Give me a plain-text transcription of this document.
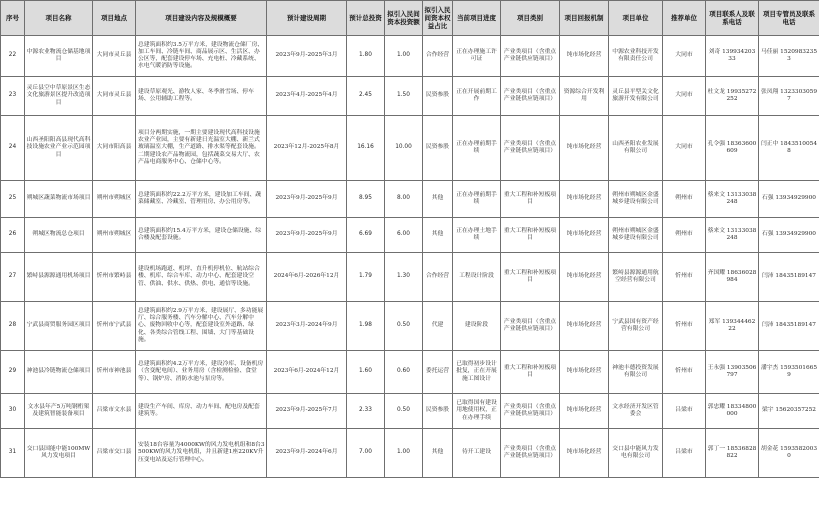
序号	项目名称	项目地点	项目建设内容及规模概要	预计建设周期	预计总投资	拟引入民间资本投资额	拟引入民间资本权益占比	当前项目进度	项目类别	项目回报机制	项目单位	推荐单位	项目联系人及联系电话	项目专管员及联系电话
22	中源农业物流仓储基地项目	大同市灵丘县	总建筑面积约3.5万平方米，建设物流仓储厂房、加工车间、冷链车间、商品展示区、生活区、办公区等，配套建设停车场、充电桩、冷藏系统、水电气暖消防等设施。	2023年9月-2025年3月	1.80	1.00	合作经营	正在办理施工许可证	产业类项目（含重点产业链供应链项目）	纯市场化经营	中源农业科技开发有限责任公司	大同市	刘奇 13993420333	马佳丽 15209832353
23	灵丘县空中草原景区生态文化旅游景区提升改造项目	大同市灵丘县	建设草原观光、游牧人家、冬季滑雪场、停车场、公用辅助工程等。	2023年4月-2025年4月	2.45	1.50	民资参股	正在开展前期工作	产业类项目（含重点产业链供应链项目）	资源综合开发利用	灵丘县平型关文化旅游开发有限公司	大同市	杜文龙 19935272252	张凤翔 13233030597
24	山西圣阳阳高县现代高科技设施农业产业示范园项目	大同市阳高县	项目分两期实施，一期主要建设现代高科技设施农业产业园，主要有新建日光温室大棚、新兰式玻璃温室大棚，生产道路、排水渠等配套设施。二期建设农产品物流园，包括蔬菜交易大厅、农产品电商服务中心、仓储中心等。	2023年12月-2025年8月	16.16	10.00	民资参股	正在办理前期手续	产业类项目（含重点产业链供应链项目）	纯市场化经营	山西圣阳农业发展有限公司	大同市	孔令强 18363600609	闫正中 18435100548
25	朔城区蔬菜物流市场项目	朔州市朔城区	总建筑面积约22.2万平方米，建设加工车间、蔬菜储藏室、冷藏室、管理用房、办公用房等。	2023年9月-2025年9月	8.95	8.00	其他	正在办理前期手续	重大工程和补短板项目	纯市场化经营	朔州市朔城区金盛城乡建设有限公司	朔州市	蔡来文 13133038248	石强 13934929900
26	朔城区物流总仓项目	朔州市朔城区	总建筑面积约15.4万平方米，建设仓储设施、综合楼及配套设施。	2023年9月-2025年9月	6.69	6.00	其他	正在办理土地手续	重大工程和补短板项目	纯市场化经营	朔州市朔城区金盛城乡建设有限公司	朔州市	蔡来文 13133038248	石强 13934929900
27	繁峙县源源通用机场项目	忻州市繁峙县	建设机场跑道、机坪、直升机停机位、航站综合楼、机库、综合车库、动力中心、配套建设空管、供油、供水、供热、供电、通信等设施。	2024年6月-2026年12月	1.79	1.30	合作经营	工程设计阶段	重大工程和补短板项目	纯市场化经营	繁峙县源源通用航空经营有限公司	忻州市	齐国耀 18636028984	闫沛 18435189147
28	宁武县商贸服务园区项目	忻州市宁武县	总建筑面积约2.9万平方米，建设展厅、多功能展厅、综合服务楼、汽车分解中心、汽车分解中心、废物回收中心等，配套建设室外道路、绿化、各类综合管线工程、围墙、大门等基础设施。	2023年3月-2024年9月	1.98	0.50	代建	建设阶段	产业类项目（含重点产业链供应链项目）	纯市场化经营	宁武县国有资产经营有限公司	忻州市	郑军 13934446222	闫沛 18435189147
29	神池县冷链物流仓储项目	忻州市神池县	总建筑面积约4.2万平方米，建设冷库、设备机房（含变配电间）、业务用房（含检测检验、食堂等）、锅炉房、消防水池与泵房等。	2023年6月-2024年12月	1.60	0.60	委托运营	已取得初步设计批复，正在开展施工图设计	重大工程和补短板项目	纯市场化经营	神池丰德投资发展有限公司	忻州市	王永强 13903506797	潘宇杰 15935016659
30	文水县年产5万吨钢桁架及建筑智能装备项目	吕梁市文水县	建设生产车间、库房、动力车间、配电房及配套建筑等。	2023年9月-2025年7月	2.33	0.50	民资参股	已取得国有建设用地使用权，正在办理手续	产业类项目（含重点产业链供应链项目）	纯市场化经营	文水经济开发区管委会	吕梁市	郭忠耀 18334800000	梁宇 15620357252
31	交口县国能中能100MW风力发电项目	吕梁市交口县	安装18台容量为4000KW的风力发电机组和8台3500KW的风力发电机组，并且新建1座220KV升压变电站及运行管理中心。	2023年9月-2024年6月	7.00	1.00	其他	待开工建设	产业类项目（含重点产业链供应链项目）	纯市场化经营	交口县中能风力发电有限公司	吕梁市	郭丁一 18536828822	胡金花 15935820030
